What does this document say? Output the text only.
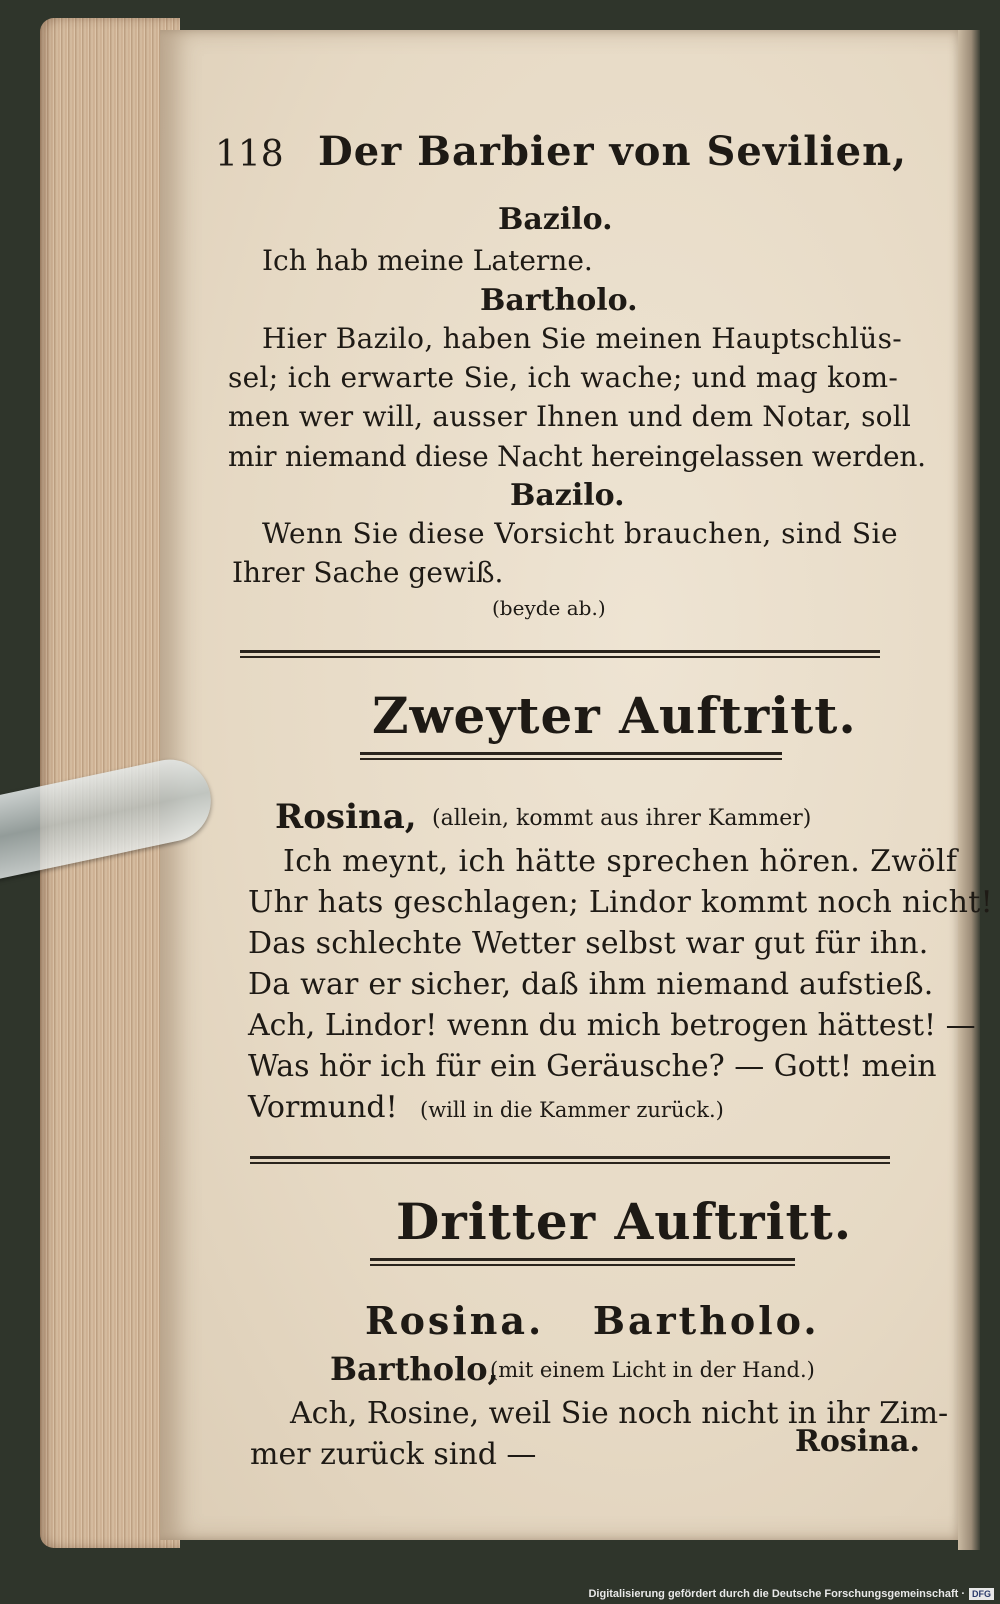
118 Der Barbier von Sevilien,
Bazilo.
Ich hab meine Laterne.
Bartholo.
Hier Bazilo, haben Sie meinen Hauptschlüs-
sel; ich erwarte Sie, ich wache; und mag kom-
men wer will, ausser Ihnen und dem Notar, soll
mir niemand diese Nacht hereingelassen werden.
Bazilo.
Wenn Sie diese Vorsicht brauchen, sind Sie
Ihrer Sache gewiß.
(beyde ab.)
Zweyter Auftritt.
Rosina, (allein, kommt aus ihrer Kammer)
Ich meynt, ich hätte sprechen hören. Zwölf
Uhr hats geschlagen; Lindor kommt noch nicht!
Das schlechte Wetter selbst war gut für ihn.
Da war er sicher, daß ihm niemand aufstieß.
Ach, Lindor! wenn du mich betrogen hättest! —
Was hör ich für ein Geräusche? — Gott! mein
Vormund! (will in die Kammer zurück.)
Dritter Auftritt.
Rosina.   Bartholo.
Bartholo,
(mit einem Licht in der Hand.)
Ach, Rosine, weil Sie noch nicht in ihr Zim-
mer zurück sind —	Rosina.
Digitalisierung gefördert durch die Deutsche Forschungsgemeinschaft · DFG
